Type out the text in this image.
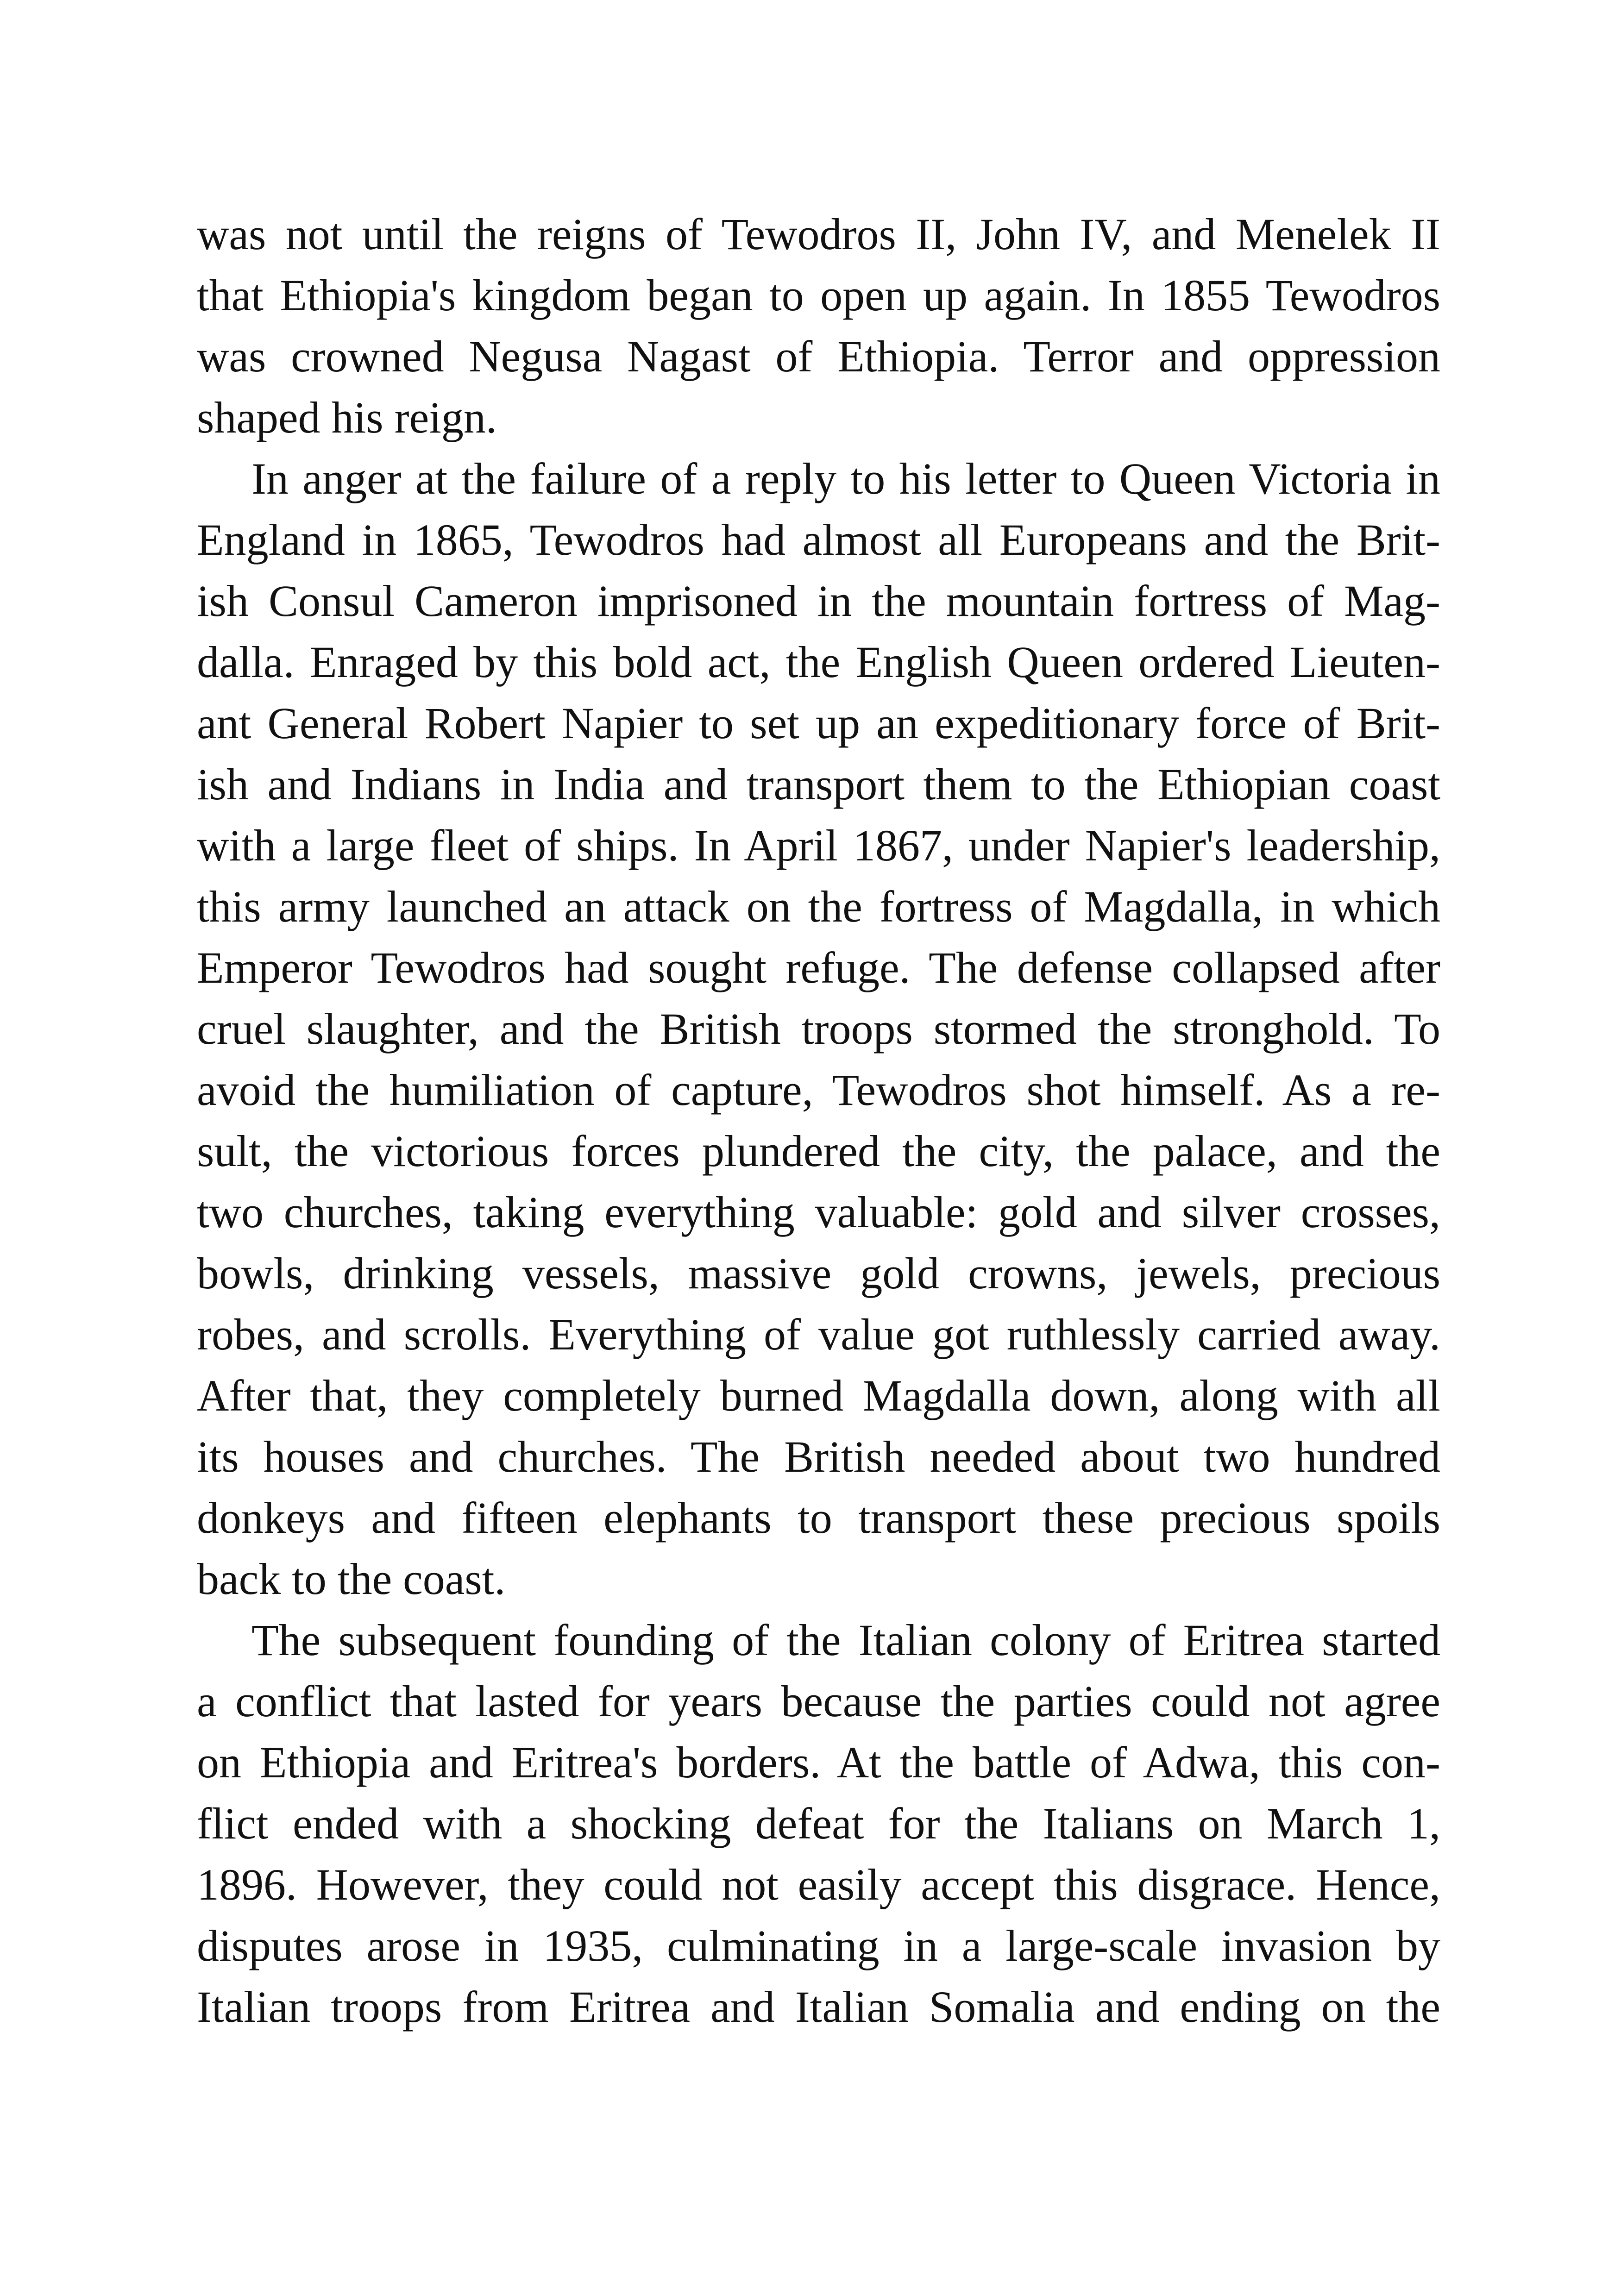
was not until the reigns of Tewodros II, John IV, and Menelek II
that Ethiopia's kingdom began to open up again. In 1855 Tewodros
was crowned Negusa Nagast of Ethiopia. Terror and oppression
shaped his reign.
In anger at the failure of a reply to his letter to Queen Victoria in
England in 1865, Tewodros had almost all Europeans and the Brit-
ish Consul Cameron imprisoned in the mountain fortress of Mag-
dalla. Enraged by this bold act, the English Queen ordered Lieuten-
ant General Robert Napier to set up an expeditionary force of Brit-
ish and Indians in India and transport them to the Ethiopian coast
with a large fleet of ships. In April 1867, under Napier's leadership,
this army launched an attack on the fortress of Magdalla, in which
Emperor Tewodros had sought refuge. The defense collapsed after
cruel slaughter, and the British troops stormed the stronghold. To
avoid the humiliation of capture, Tewodros shot himself. As a re-
sult, the victorious forces plundered the city, the palace, and the
two churches, taking everything valuable: gold and silver crosses,
bowls, drinking vessels, massive gold crowns, jewels, precious
robes, and scrolls. Everything of value got ruthlessly carried away.
After that, they completely burned Magdalla down, along with all
its houses and churches. The British needed about two hundred
donkeys and fifteen elephants to transport these precious spoils
back to the coast.
The subsequent founding of the Italian colony of Eritrea started
a conflict that lasted for years because the parties could not agree
on Ethiopia and Eritrea's borders. At the battle of Adwa, this con-
flict ended with a shocking defeat for the Italians on March 1,
1896. However, they could not easily accept this disgrace. Hence,
disputes arose in 1935, culminating in a large-scale invasion by
Italian troops from Eritrea and Italian Somalia and ending on the
